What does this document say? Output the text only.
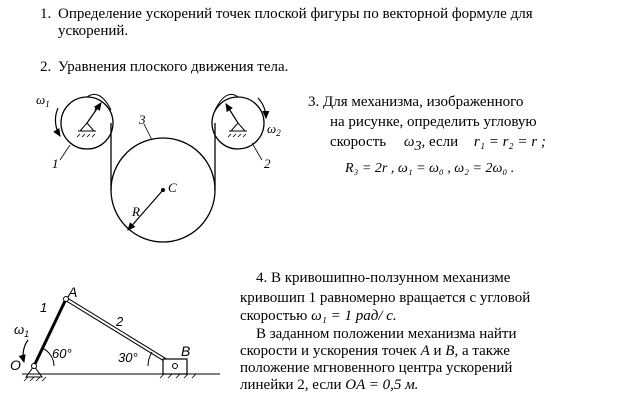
1. Определение ускорений точек плоской фигуры по векторной формуле для
ускорений.
2. Уравнения плоского движения тела.
3. Для механизма, изображенного
на рисунке, определить угловую
скорость $\omega_3$, если r₁ = r₂ = r ;
R₃ = 2r , ω₁ = ω₀ , ω₂ = 2ω₀ .
$\omega_1$
$\omega_2$
r	r
1	2
3
C
R
4. В кривошипно-ползунном механизме
кривошип 1 равномерно вращается с угловой
скоростью ω₁ = 1 рад/ с.
В заданном положении механизма найти
скорости и ускорения точек A и B, а также
положение мгновенного центра ускорений
линейки 2, если OA = 0,5 м.
O
A
B
1
2
$\omega_1$
60°	30°
